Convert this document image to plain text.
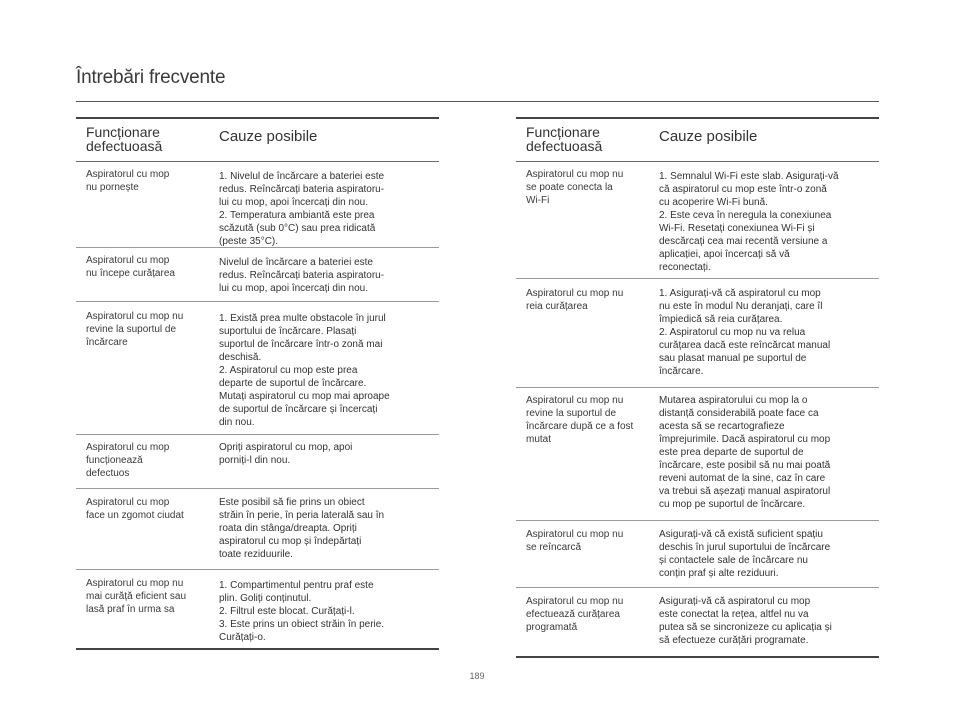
Întrebări frecvente
Funcționare
defectuoasă
Cauze posibile
Aspiratorul cu mop
nu pornește
1. Nivelul de încărcare a bateriei este
redus. Reîncărcați bateria aspiratoru-
lui cu mop, apoi încercați din nou.
2. Temperatura ambiantă este prea
scăzută (sub 0°C) sau prea ridicată
(peste 35°C).
Aspiratorul cu mop
nu începe curățarea
Nivelul de încărcare a bateriei este
redus. Reîncărcați bateria aspiratoru-
lui cu mop, apoi încercați din nou.
Aspiratorul cu mop nu
revine la suportul de
încărcare
1. Există prea multe obstacole în jurul
suportului de încărcare. Plasați
suportul de încărcare într-o zonă mai
deschisă.
2. Aspiratorul cu mop este prea
departe de suportul de încărcare.
Mutați aspiratorul cu mop mai aproape
de suportul de încărcare și încercați
din nou.
Aspiratorul cu mop
funcționează
defectuos
Opriți aspiratorul cu mop, apoi
porniți-l din nou.
Aspiratorul cu mop
face un zgomot ciudat
Este posibil să fie prins un obiect
străin în perie, în peria laterală sau în
roata din stânga/dreapta. Opriți
aspiratorul cu mop și îndepărtați
toate reziduurile.
Aspiratorul cu mop nu
mai curăță eficient sau
lasă praf în urma sa
1. Compartimentul pentru praf este
plin. Goliți conținutul.
2. Filtrul este blocat. Curățați-l.
3. Este prins un obiect străin în perie.
Curățați-o.
Funcționare
defectuoasă
Cauze posibile
Aspiratorul cu mop nu
se poate conecta la
Wi-Fi
1. Semnalul Wi-Fi este slab. Asigurați-vă
că aspiratorul cu mop este într-o zonă
cu acoperire Wi-Fi bună.
2. Este ceva în neregula la conexiunea
Wi-Fi. Resetați conexiunea Wi-Fi și
descărcați cea mai recentă versiune a
aplicației, apoi încercați să vă
reconectați.
Aspiratorul cu mop nu
reia curățarea
1. Asigurați-vă că aspiratorul cu mop
nu este în modul Nu deranjați, care îl
împiedică să reia curățarea.
2. Aspiratorul cu mop nu va relua
curățarea dacă este reîncărcat manual
sau plasat manual pe suportul de
încărcare.
Aspiratorul cu mop nu
revine la suportul de
încărcare după ce a fost
mutat
Mutarea aspiratorului cu mop la o
distanță considerabilă poate face ca
acesta să se recartografieze
împrejurimile. Dacă aspiratorul cu mop
este prea departe de suportul de
încărcare, este posibil să nu mai poată
reveni automat de la sine, caz în care
va trebui să așezați manual aspiratorul
cu mop pe suportul de încărcare.
Aspiratorul cu mop nu
se reîncarcă
Asigurați-vă că există suficient spațiu
deschis în jurul suportului de încărcare
și contactele sale de încărcare nu
conțin praf și alte reziduuri.
Aspiratorul cu mop nu
efectuează curățarea
programată
Asigurați-vă că aspiratorul cu mop
este conectat la rețea, altfel nu va
putea să se sincronizeze cu aplicația și
să efectueze curățări programate.
189
